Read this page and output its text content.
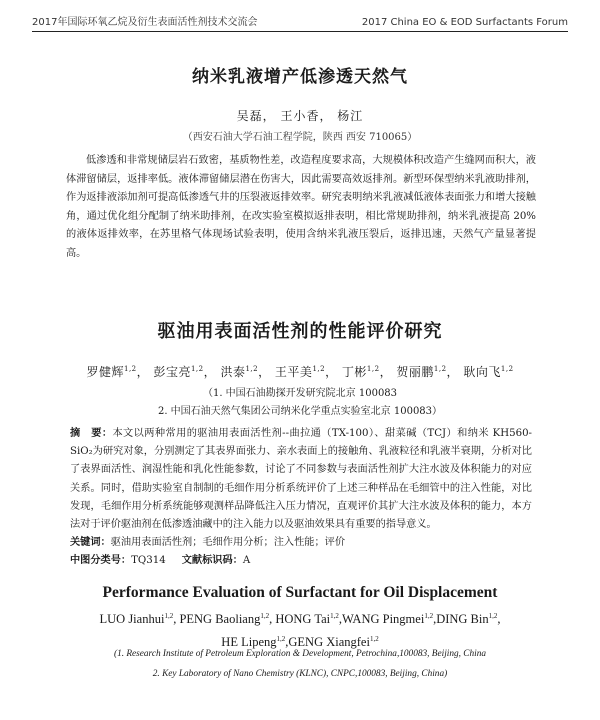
2017年国际环氧乙烷及衍生表面活性剂技术交流会	2017 China EO & EOD Surfactants Forum
纳米乳液增产低渗透天然气
吴磊， 王小香， 杨江
（西安石油大学石油工程学院，陕西 西安 710065）

低渗透和非常规储层岩石致密，基质物性差，改造程度要求高，大规模体积改造产生缝网而积大，液体滞留储层，返排率低。液体滞留储层潜在伤害大，因此需要高效返排剂。新型环保型纳米乳液助排剂，作为返排液添加剂可提高低渗透气井的压裂液返排效率。研究表明纳米乳液减低液体表面张力和增大接触角，通过优化组分配制了纳米助排剂，在改实验室模拟返排表明，相比常规助排剂，纳米乳液提高 20%的液体返排效率，在苏里格气体现场试验表明，使用含纳米乳液压裂后，返排迅速，天然气产量显著提高。

驱油用表面活性剂的性能评价研究
罗健辉$^{1,2}$， 彭宝亮$^{1,2}$， 洪泰$^{1,2}$， 王平美$^{1,2}$， 丁彬$^{1,2}$， 贺丽鹏$^{1,2}$， 耿向飞$^{1,2}$
（1. 中国石油勘探开发研究院北京 100083
2. 中国石油天然气集团公司纳米化学重点实验室北京 100083）

摘　要：本文以两种常用的驱油用表面活性剂--曲拉通（TX-100）、甜菜碱（TCJ）和纳米 KH560-SiO₂为研究对象，分别测定了其表界面张力、亲水表面上的接触角、乳液粒径和乳液半衰期，分析对比了表界面活性、润湿性能和乳化性能参数，讨论了不同参数与表面活性剂扩大注水波及体积能力的对应关系。同时，借助实验室自制制的毛细作用分析系统评价了上述三种样品在毛细管中的注入性能，对比发现，毛细作用分析系统能够观测样品降低注入压力情况，直观评价其扩大注水波及体积的能力，本方法对于评价驱油剂在低渗透油藏中的注入能力以及驱油效果具有重要的指导意义。

关键词：驱油用表面活性剂；毛细作用分析；注入性能；评价
中图分类号：TQ314 文献标识码：A
Performance Evaluation of Surfactant for Oil Displacement
LUO Jianhui$^{1,2}$, PENG Baoliang$^{1,2}$, HONG Tai$^{1,2}$,WANG Pingmei$^{1,2}$,DING Bin$^{1,2}$,
HE Lipeng$^{1,2}$,GENG Xiangfei$^{1,2}$
(1. Research Institute of Petroleum Exploration & Development, Petrochina,100083, Beijing, China
2. Key Laboratory of Nano Chemistry (KLNC), CNPC,100083, Beijing, China)
